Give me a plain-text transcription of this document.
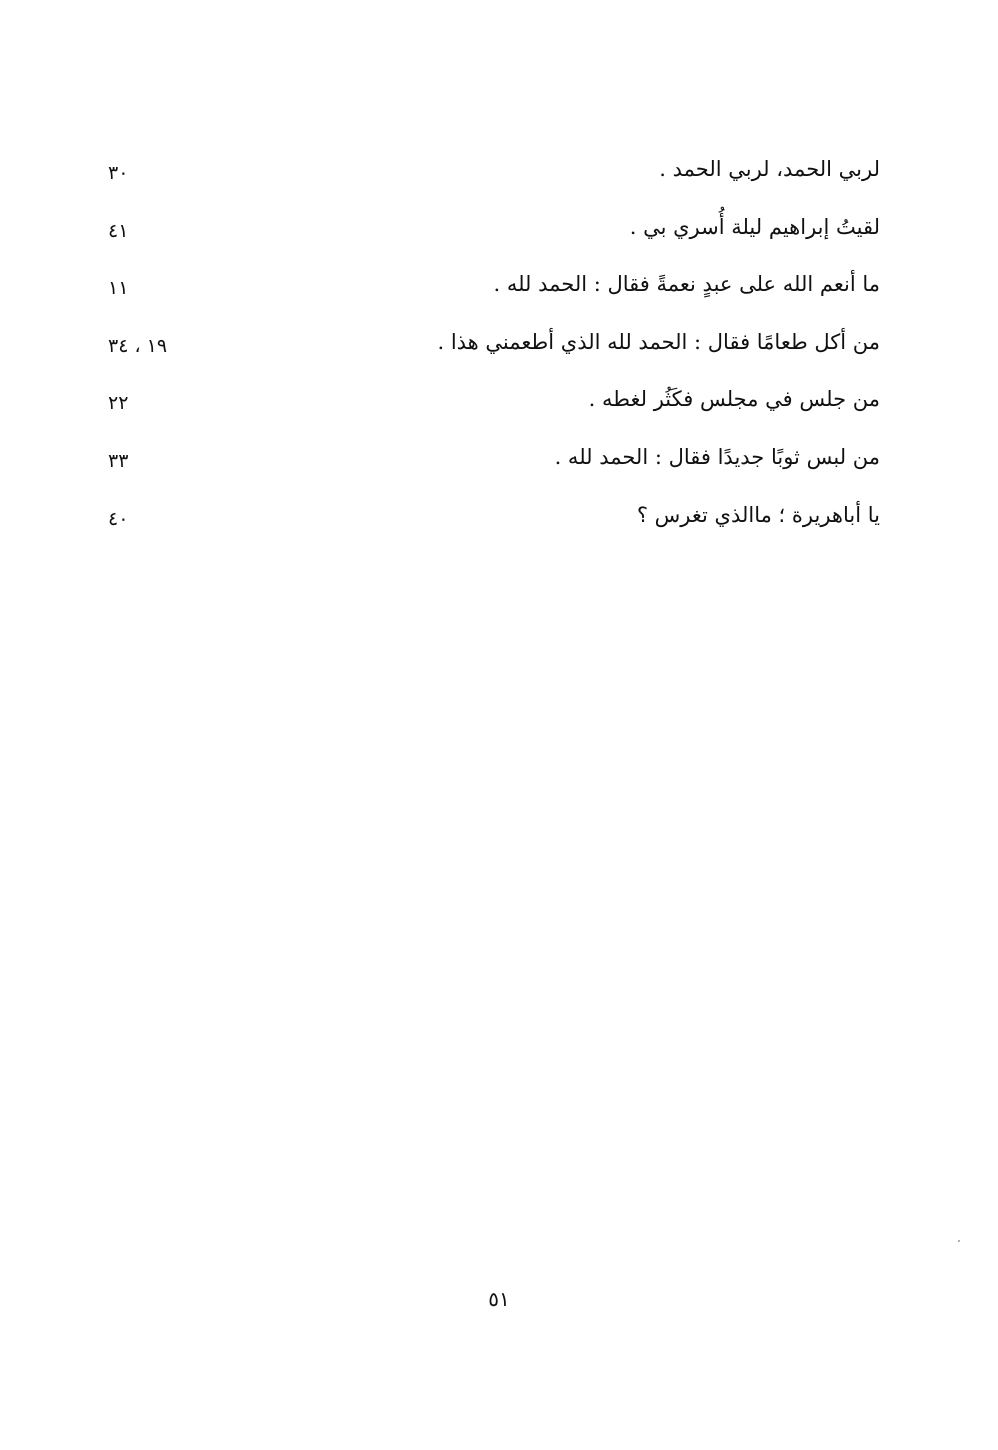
لربي الحمد، لربي الحمد .
٣٠
لقيتُ إبراهيم ليلة أُسري بي .
٤١
ما أنعم الله على عبدٍ نعمةً فقال : الحمد لله .
١١
من أكل طعامًا فقال : الحمد لله الذي أطعمني هذا .
١٩ ، ٣٤
من جلس في مجلس فكَثُر لغطه .
٢٢
من لبس ثوبًا جديدًا فقال : الحمد لله .
٣٣
يا أباهريرة ؛ ماالذي تغرس ؟
٤٠
٥١
